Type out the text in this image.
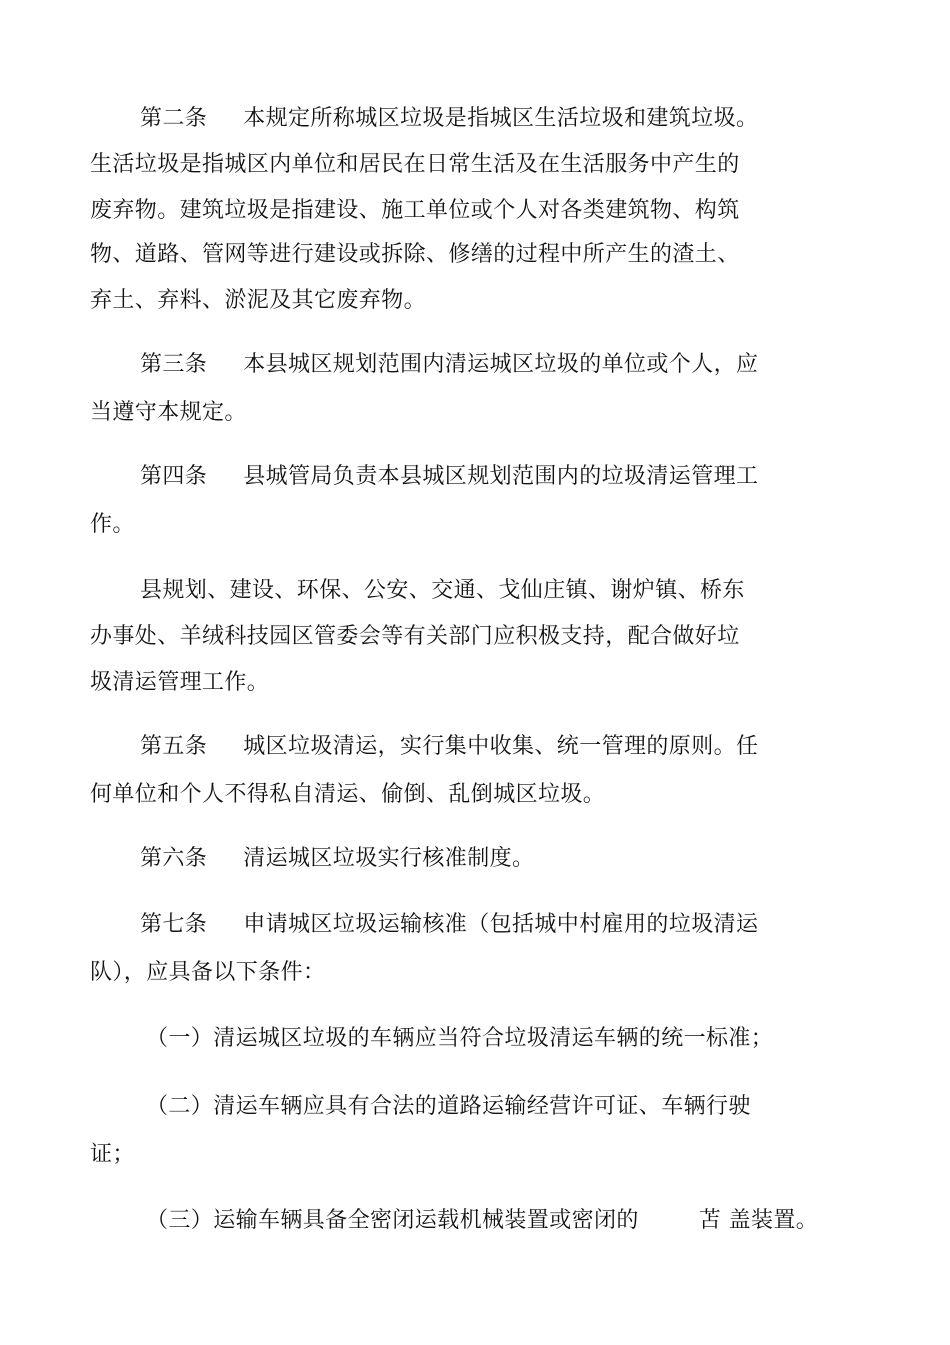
第二条 本规定所称城区垃圾是指城区生活垃圾和建筑垃圾。
生活垃圾是指城区内单位和居民在日常生活及在生活服务中产生的
废弃物。建筑垃圾是指建设、施工单位或个人对各类建筑物、构筑
物、道路、管网等进行建设或拆除、修缮的过程中所产生的渣土、
弃土、弃料、淤泥及其它废弃物。
第三条 本县城区规划范围内清运城区垃圾的单位或个人，应
当遵守本规定。
第四条 县城管局负责本县城区规划范围内的垃圾清运管理工
作。
县规划、建设、环保、公安、交通、戈仙庄镇、谢炉镇、桥东
办事处、羊绒科技园区管委会等有关部门应积极支持，配合做好垃
圾清运管理工作。
第五条 城区垃圾清运，实行集中收集、统一管理的原则。任
何单位和个人不得私自清运、偷倒、乱倒城区垃圾。
第六条 清运城区垃圾实行核准制度。
第七条 申请城区垃圾运输核准（包括城中村雇用的垃圾清运
队），应具备以下条件：
（一）清运城区垃圾的车辆应当符合垃圾清运车辆的统一标准；
（二）清运车辆应具有合法的道路运输经营许可证、车辆行驶
证；
（三）运输车辆具备全密闭运载机械装置或密闭的	苫 盖装置。
